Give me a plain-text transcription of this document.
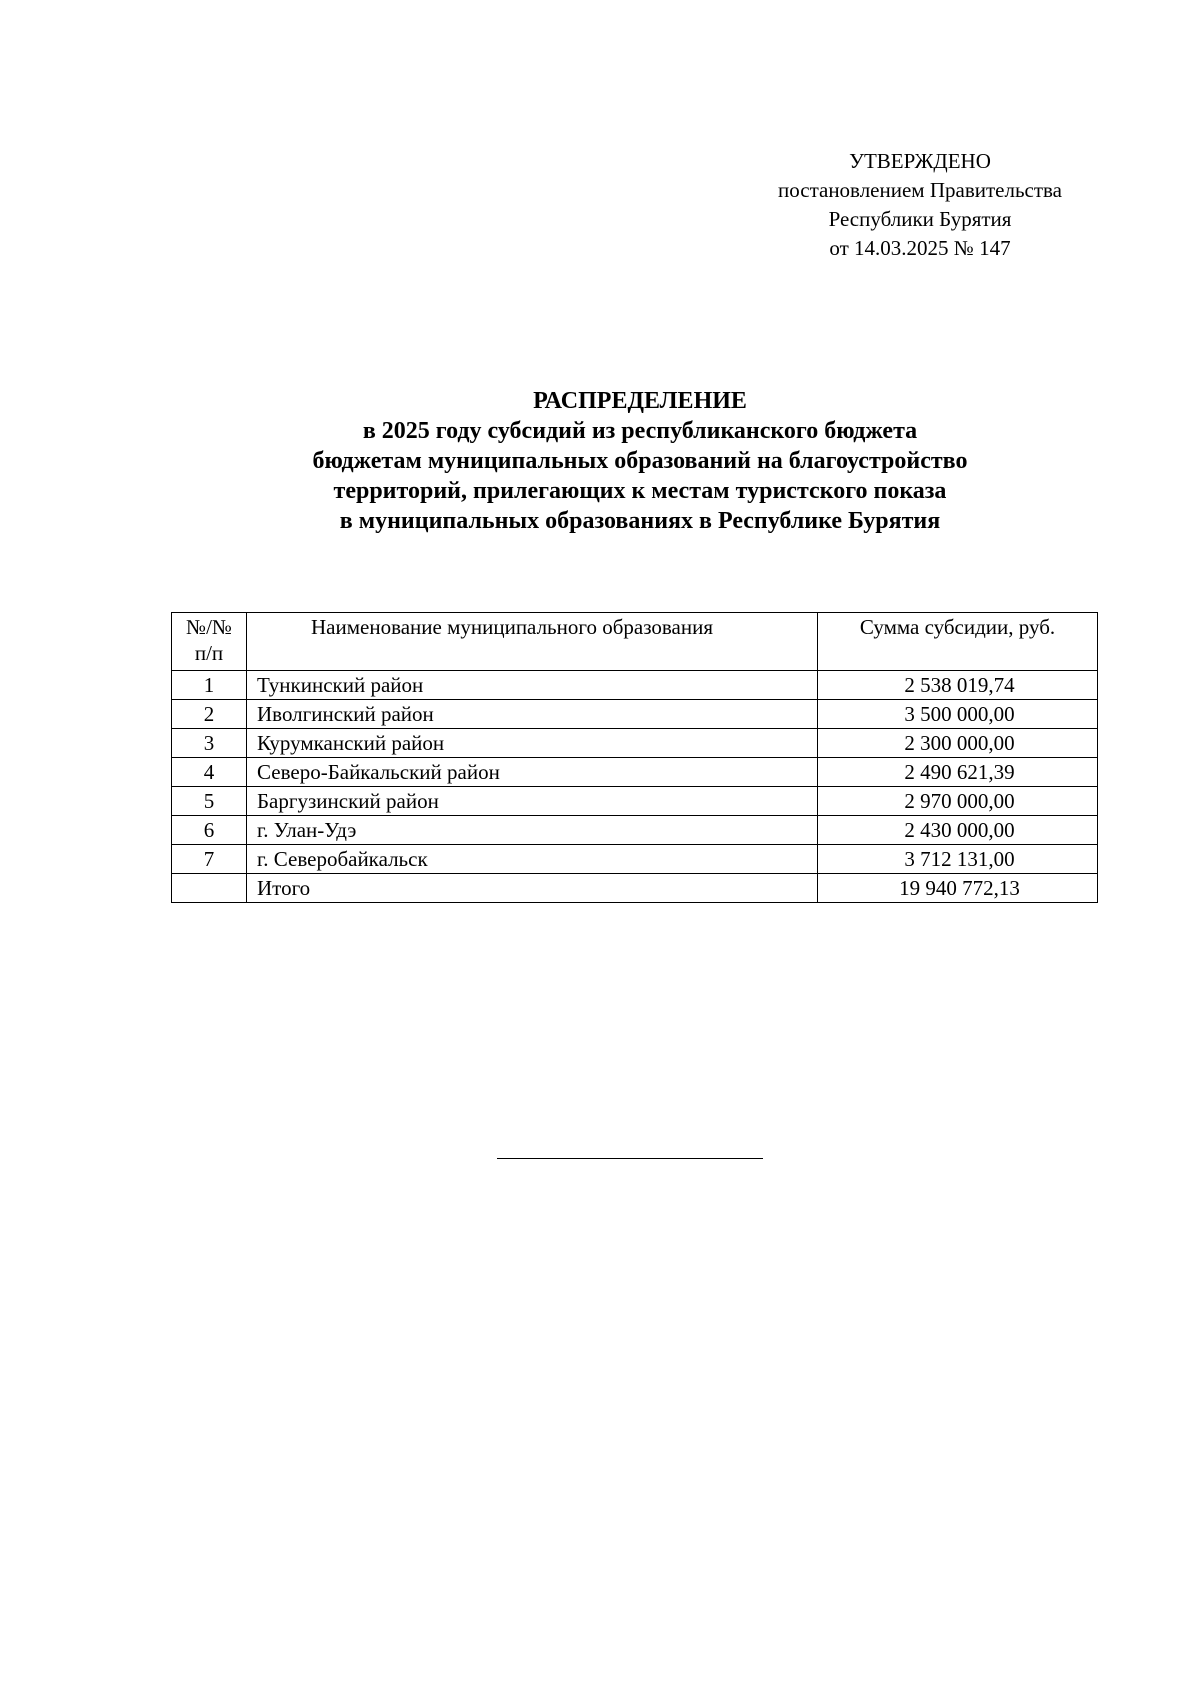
УТВЕРЖДЕНО
постановлением Правительства
Республики Бурятия
от 14.03.2025 № 147
РАСПРЕДЕЛЕНИЕ
в 2025 году субсидий из республиканского бюджета
бюджетам муниципальных образований на благоустройство
территорий, прилегающих к местам туристского показа
в муниципальных образованиях в Республике Бурятия
№/№
п/п	Наименование муниципального образования	Сумма субсидии, руб.
1	Тункинский район	2 538 019,74
2	Иволгинский район	3 500 000,00
3	Курумканский район	2 300 000,00
4	Северо-Байкальский район	2 490 621,39
5	Баргузинский район	2 970 000,00
6	г. Улан-Удэ	2 430 000,00
7	г. Северобайкальск	3 712 131,00
	Итого	19 940 772,13
